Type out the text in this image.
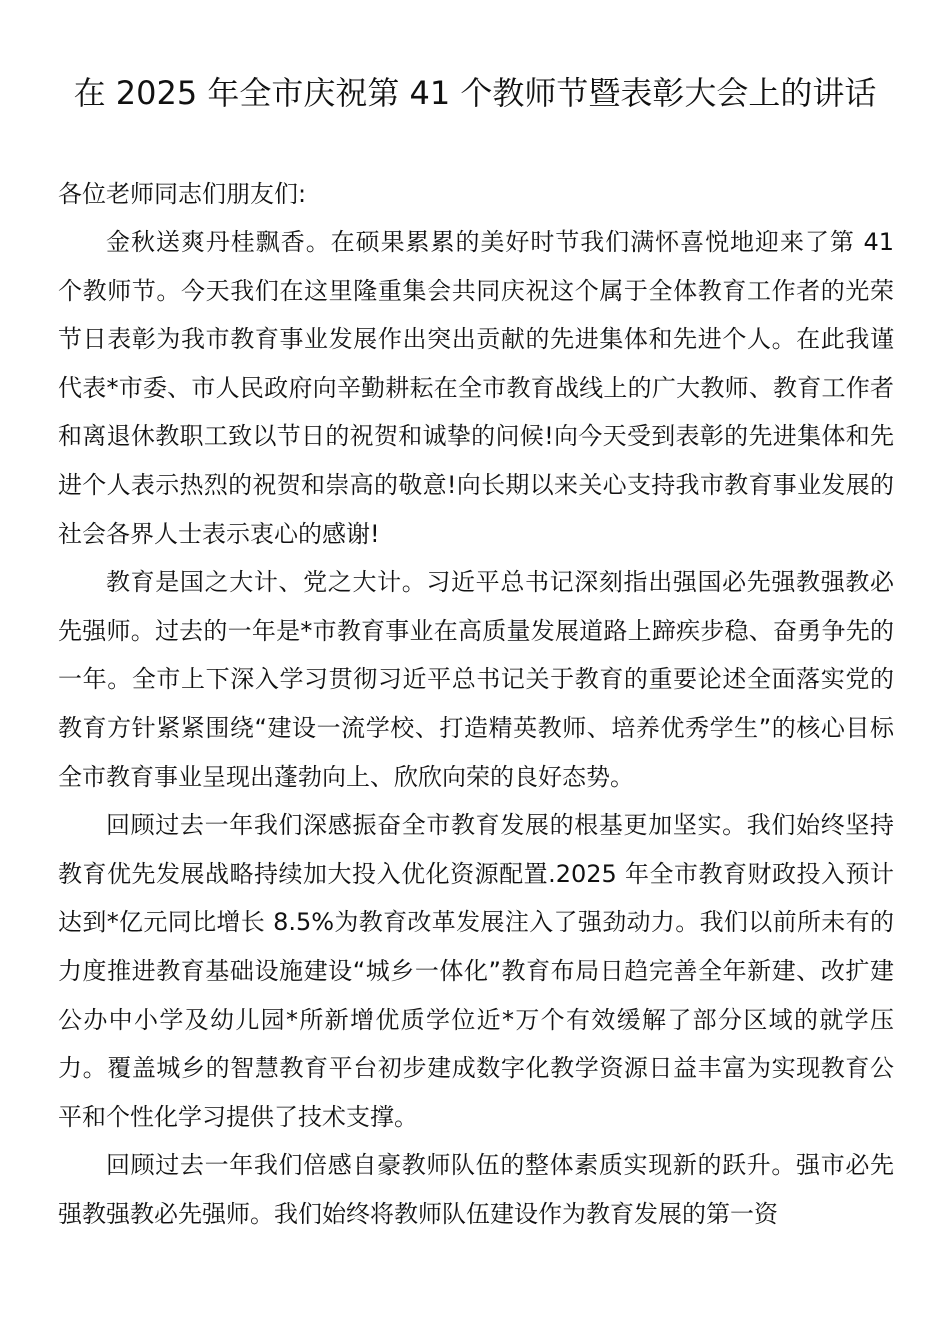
在 2025 年全市庆祝第 41 个教师节暨表彰大会上的讲话

各位老师同志们朋友们:

金秋送爽丹桂飘香。在硕果累累的美好时节我们满怀喜悦地迎来了第 41 个教师节。今天我们在这里隆重集会共同庆祝这个属于全体教育工作者的光荣节日表彰为我市教育事业发展作出突出贡献的先进集体和先进个人。在此我谨代表*市委、市人民政府向辛勤耕耘在全市教育战线上的广大教师、教育工作者和离退休教职工致以节日的祝贺和诚挚的问候!向今天受到表彰的先进集体和先进个人表示热烈的祝贺和崇高的敬意!向长期以来关心支持我市教育事业发展的社会各界人士表示衷心的感谢!

教育是国之大计、党之大计。习近平总书记深刻指出强国必先强教强教必先强师。过去的一年是*市教育事业在高质量发展道路上蹄疾步稳、奋勇争先的一年。全市上下深入学习贯彻习近平总书记关于教育的重要论述全面落实党的教育方针紧紧围绕“建设一流学校、打造精英教师、培养优秀学生”的核心目标全市教育事业呈现出蓬勃向上、欣欣向荣的良好态势。

回顾过去一年我们深感振奋全市教育发展的根基更加坚实。我们始终坚持教育优先发展战略持续加大投入优化资源配置.2025 年全市教育财政投入预计达到*亿元同比增长 8.5%为教育改革发展注入了强劲动力。我们以前所未有的力度推进教育基础设施建设“城乡一体化”教育布局日趋完善全年新建、改扩建公办中小学及幼儿园*所新增优质学位近*万个有效缓解了部分区域的就学压力。覆盖城乡的智慧教育平台初步建成数字化教学资源日益丰富为实现教育公平和个性化学习提供了技术支撑。

回顾过去一年我们倍感自豪教师队伍的整体素质实现新的跃升。强市必先强教强教必先强师。我们始终将教师队伍建设作为教育发展的第一资
